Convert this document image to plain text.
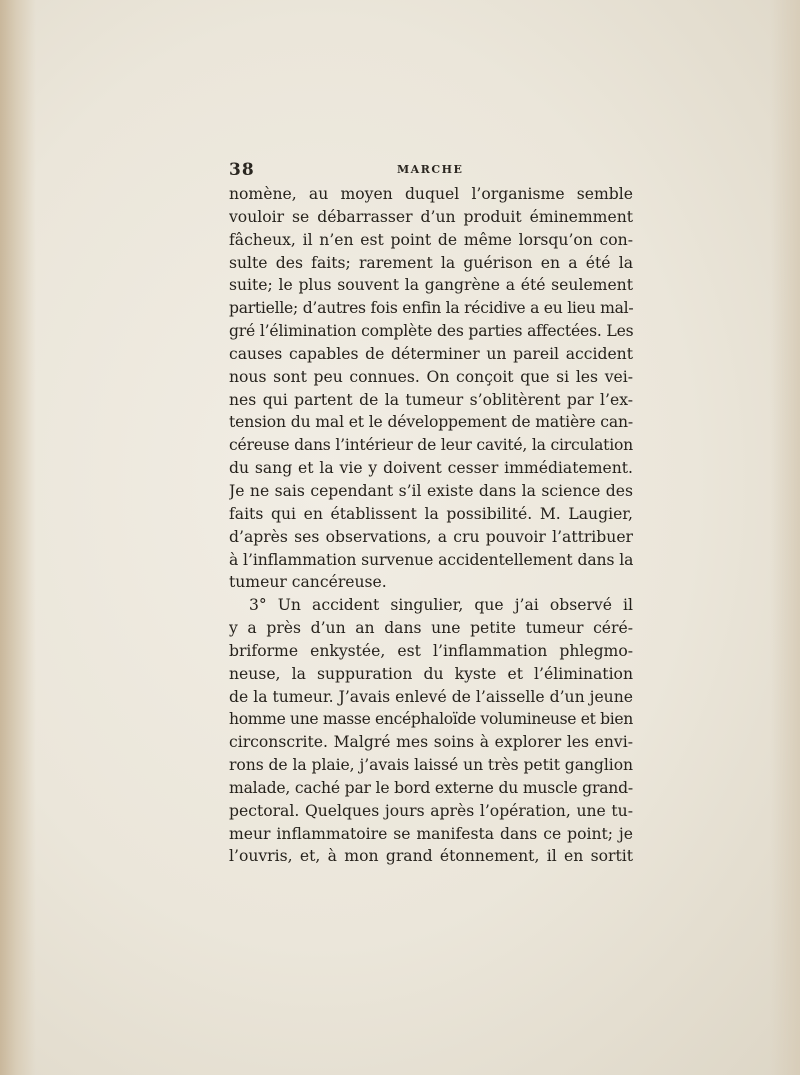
38	MARCHE
nomène, au moyen duquel l’organisme semble
vouloir se débarrasser d’un produit éminemment
fâcheux, il n’en est point de même lorsqu’on con-
sulte des faits; rarement la guérison en a été la
suite; le plus souvent la gangrène a été seulement
partielle; d’autres fois enfin la récidive a eu lieu mal-
gré l’élimination complète des parties affectées. Les
causes capables de déterminer un pareil accident
nous sont peu connues. On conçoit que si les vei-
nes qui partent de la tumeur s’oblitèrent par l’ex-
tension du mal et le développement de matière can-
céreuse dans l’intérieur de leur cavité, la circulation
du sang et la vie y doivent cesser immédiatement.
Je ne sais cependant s’il existe dans la science des
faits qui en établissent la possibilité. M. Laugier,
d’après ses observations, a cru pouvoir l’attribuer
à l’inflammation survenue accidentellement dans la
tumeur cancéreuse.
3° Un accident singulier, que j’ai observé il
y a près d’un an dans une petite tumeur céré-
briforme enkystée, est l’inflammation phlegmo-
neuse, la suppuration du kyste et l’élimination
de la tumeur. J’avais enlevé de l’aisselle d’un jeune
homme une masse encéphaloïde volumineuse et bien
circonscrite. Malgré mes soins à explorer les envi-
rons de la plaie, j’avais laissé un très petit ganglion
malade, caché par le bord externe du muscle grand-
pectoral. Quelques jours après l’opération, une tu-
meur inflammatoire se manifesta dans ce point; je
l’ouvris, et, à mon grand étonnement, il en sortit
